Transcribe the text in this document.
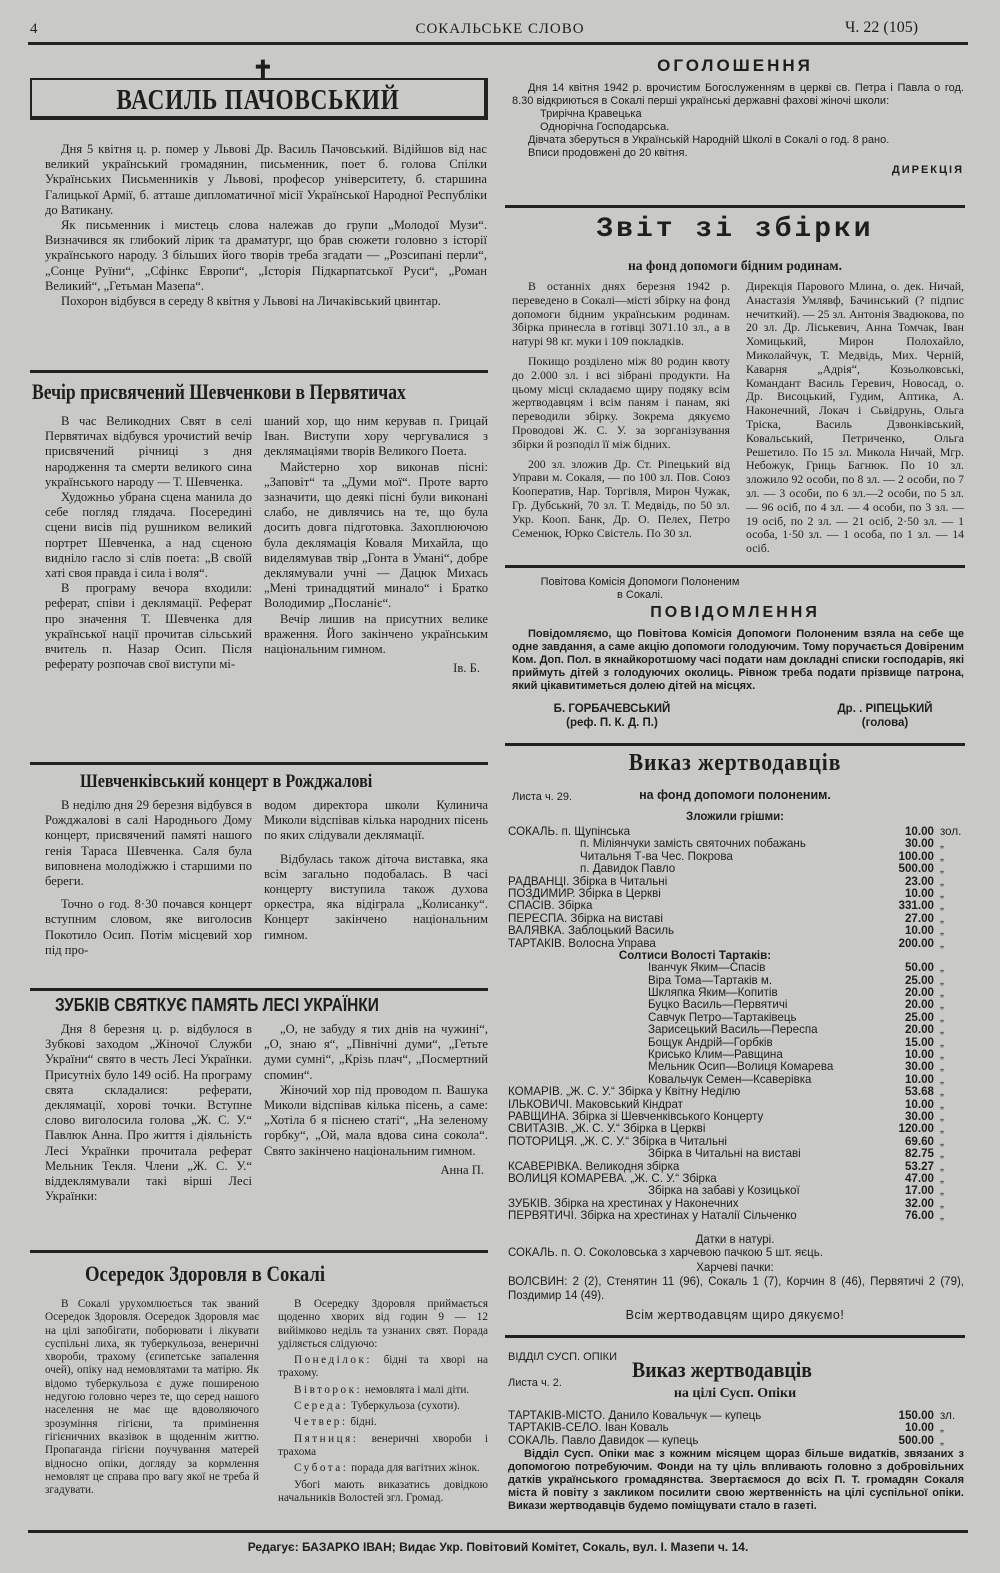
4	СОКАЛЬСЬКЕ СЛОВО	Ч. 22 (105)
ВАСИЛЬ ПАЧОВСЬКИЙ
✝

Дня 5 квітня ц. р. помер у Львові Др. Василь Пачовський. Відійшов від нас великий український громадянин, письменник, поет б. голова Спілки Українських Письменників у Львові, професор університету, б. старшина Галицької Армії, б. атташе дипломатичної місії Української Народної Республіки до Ватикану.

Як письменник і мистець слова належав до групи „Молодої Музи“. Визначився як глибокий лірик та драматург, що брав сюжети головно з історії українського народу. З більших його творів треба згадати — „Розсипані перли“, „Сонце Руїни“, „Сфінкс Европи“, „Історія Підкарпатської Руси“, „Роман Великий“, „Гетьман Мазепа“.

Похорон відбувся в середу 8 квітня у Львові на Личаківський цвинтар.

Вечір присвячений Шевченкови в Первятичах

В час Великодних Свят в селі Первятичах відбувся урочистий вечір присвячений річниці з дня народження та смерти великого сина українського народу — Т. Шевченка.

Художньо убрана сцена манила до себе погляд глядача. Посередині сцени висів під рушником великий портрет Шевченка, а над сценою видніло гасло зі слів поета: „В своїй хаті своя правда і сила і воля“.

В програму вечора входили: реферат, співи і деклямації. Реферат про значення Т. Шевченка для української нації прочитав сільський вчитель п. Назар Осип. Після реферату розпочав свої виступи мі-

шаний хор, що ним керував п. Грицай Іван. Виступи хору чергувалися з деклямаціями творів Великого Поета.

Майстерно хор виконав пісні: „Заповіт“ та „Думи мої“. Проте варто зазначити, що деякі пісні були виконані слабо, не дивлячись на те, що була досить довга підготовка. Захоплюючою була деклямація Коваля Михайла, що виделямував твір „Гонта в Умані“, добре деклямували учні — Дацюк Михась „Мені тринадцятий минало“ і Братко Володимир „Посланіє“.

Вечір лишив на присутних велике враження. Його закінчено українським національним гимном.

Ів. Б.
Шевченківський концерт в Рожджалові

В неділю дня 29 березня відбувся в Рожджалові в салі Народнього Дому концерт, присвячений памяті нашого генія Тараса Шевченка. Саля була виповнена молодіжжю і старшими по береги.

Точно о год. 8·30 почався концерт вступним словом, яке виголосив Покотило Осип. Потім місцевий хор під про-

водом директора школи Кулинича Миколи відспівав кілька народних пісень по яких слідували деклямації.

Відбулась також діточа виставка, яка всім загально подобалась. В часі концерту виступила також духова оркестра, яка відіграла „Колисанку“. Концерт закінчено національним гимном.

ЗУБКІВ СВЯТКУЄ ПАМЯТЬ ЛЕСІ УКРАЇНКИ

Дня 8 березня ц. р. відбулося в Зубкові заходом „Жіночої Служби України“ свято в честь Лесі Українки. Присутніх було 149 осіб. На програму свята складалися: реферати, деклямації, хорові точки. Вступне слово виголосила голова „Ж. С. У.“ Павлюк Анна. Про життя і діяльність Лесі Українки прочитала реферат Мельник Текля. Члени „Ж. С. У.“ віддеклямували такі вірші Лесі Українки:

„О, не забуду я тих днів на чужині“, „О, знаю я“, „Північні думи“, „Гетьте думи сумні“, „Крізь плач“, „Посмертний спомин“.

Жіночий хор під проводом п. Вашука Миколи відспівав кілька пісень, а саме: „Хотіла б я піснею статі“, „На зеленому горбку“, „Ой, мала вдова сина сокола“. Свято закінчено національним гимном.

Анна П.
Осередок Здоровля в Сокалі

В Сокалі урухомлюється так званий Осередок Здоровля. Осередок Здоровля має на цілі запобігати, поборювати і лікувати суспільні лиха, як туберкульоза, венеричні хвороби, трахому (єгипетське запалення очей), опіку над немовлятами та матірю. Як відомо туберкульоза є дуже поширеною недугою головно через те, що серед нашого населення не має ще вдоволяючого зрозуміння гігієни, та примінення гігієничних вказівок в щоденнім життю. Пропаганда гігієни поучування матерей відносно опіки, догляду за кормлення немовлят це справа про вагу якої не треба й згадувати.

В Осередку Здоровля приймається щоденно хворих від годин 9 — 12 вийімково неділь та узнаних свят. Порада уділяється слідуючо:

Понеділок: бідні та хворі на трахому.

Вівторок: немовлята і малі діти.

Середа: Туберкульоза (сухоти).

Четвер: бідні.

Пятниця: венеричні хвороби і трахома

Субота: порада для вагітних жінок.

Убогі мають виказатись довідкою начальників Волостей згл. Громад.

ОГОЛОШЕННЯ

Дня 14 квітня 1942 р. врочистим Богослуженням в церкві св. Петра і Павла о год. 8.30 відкриються в Сокалі перші українські державні фахові жіночі школи:

Трирічна Кравецька
Однорічна Господарська.

Дівчата зберуться в Українській Народній Школі в Сокалі о год. 8 рано.

Вписи продовжені до 20 квітня.

ДИРЕКЦІЯ
Звіт зі збірки
на фонд допомоги бідним родинам.

В останніх днях березня 1942 р. переведено в Сокалі—місті збірку на фонд допомоги бідним українським родинам. Збірка принесла в готівці 3071.10 зл., а в натурі 98 кг. муки і 109 покладків.

Покищо розділено між 80 родин квоту до 2.000 зл. і всі зібрані продукти. На цьому місці складаємо щиру подяку всім жертводавцям і всім паням і панам, які переводили збірку. Зокрема дякуємо Проводові Ж. С. У. за зорганізування збірки й розподіл її між бідних.

200 зл. зложив Др. Ст. Ріпецький від Управи м. Сокаля, — по 100 зл. Пов. Союз Кооператив, Нар. Торгівля, Мирон Чужак, Гр. Дубський, 70 зл. Т. Медвідь, по 50 зл. Укр. Кооп. Банк, Др. О. Пелех, Петро Семенюк, Юрко Свістель. По 30 зл.

Дирекція Парового Млина, о. дек. Ничай, Анастазія Умлявф, Бачинський (? підпис нечиткий). — 25 зл. Антонія Звадюкова, по 20 зл. Др. Ліськевич, Анна Томчак, Іван Хомицький, Мирон Полохайло, Миколайчук, Т. Медвідь, Мих. Черній, Каварня „Адрія“, Козьолковські, Командант Василь Геревич, Новосад, о. Др. Висоцький, Гудим, Аптика, А. Наконечний, Локач і Сьвідрунь, Ольга Тріска, Василь Дзвонківський, Ковальський, Петриченко, Ольга Решетило. По 15 зл. Микола Ничай, Мгр. Небожук, Гриць Багнюк. По 10 зл. зложило 92 особи, по 8 зл. — 2 особи, по 7 зл. — 3 особи, по 6 зл.—2 особи, по 5 зл. — 96 осіб, по 4 зл. — 4 особи, по 3 зл. — 19 осіб, по 2 зл. — 21 осіб, 2·50 зл. — 1 особа, 1·50 зл. — 1 особа, по 1 зл. — 14 осіб.

Повітова Комісія Допомоги Полоненим
в Сокалі.
ПОВІДОМЛЕННЯ

Повідомляємо, що Повітова Комісія Допомоги Полоненим взяла на себе ще одне завдання, а саме акцію допомоги голодуючим. Тому поручається Довіреним Ком. Доп. Пол. в якнайкоротшому часі подати нам докладні списки господарів, які приймуть дітей з голодуючих околиць. Рівнож треба подати прізвище патрона, який цікавитиметься долею дітей на місцях.

Б. ГОРБАЧЕВСЬКИЙ
(реф. П. К. Д. П.)
Др. . РІПЕЦЬКИЙ
(голова)
Виказ жертводавців
Листа ч. 29.	на фонд допомоги полоненим.
Зложили грішми:
СОКАЛЬ. п. Щупінська	10.00 зол.
п. Міліянчуки замість святочних побажань	30.00 „
Читальня Т-ва Чес. Покрова	100.00 „
п. Давидок Павло	500.00 „
РАДВАНЦІ. Збірка в Читальні	23.00 „
ПОЗДИМИР. Збірка в Церкві	10.00 „
СПАСІВ. Збірка	331.00 „
ПЕРЕСПА. Збірка на виставі	27.00 „
ВАЛЯВКА. Заблоцький Василь	10.00 „
ТАРТАКІВ. Волосна Управа	200.00 „
Солтиси Волості Тартаків:
Іванчук Яким—Спасів	50.00 „
Віра Тома—Тартаків м.	25.00 „
Шкляпка Яким—Копитів	20.00 „
Буцко Василь—Первятичі	20.00 „
Савчук Петро—Тартаківець	25.00 „
Зарисецький Василь—Переспа	20.00 „
Бощук Андрій—Горбків	15.00 „
Крисько Клим—Равщина	10.00 „
Мельник Осип—Волиця Комарева	30.00 „
Ковальчук Семен—Ксаверівка	10.00 „
КОМАРІВ. „Ж. С. У.“ Збірка у Квітну Неділю	53.68 „
ІЛЬКОВИЧІ. Маковський Кіндрат	10.00 „
РАВЩИНА. Збірка зі Шевченківського Концерту	30.00 „
СВИТАЗІВ. „Ж. С. У.“ Збірка в Церкві	120.00 „
ПОТОРИЦЯ. „Ж. С. У.“ Збірка в Читальні	69.60 „
Збірка в Читальні на виставі	82.75 „
КСАВЕРІВКА. Великодня збірка	53.27 „
ВОЛИЦЯ КОМАРЕВА. „Ж. С. У.“ Збірка	47.00 „
Збірка на забаві у Козицької	17.00 „
ЗУБКІВ. Збірка на хрестинах у Наконечних	32.00 „
ПЕРВЯТИЧІ. Збірка на хрестинах у Наталії Сільченко	76.00 „
Датки в натурі.
СОКАЛЬ. п. О. Соколовська з харчевою пачкою 5 шт. яєць.
Харчеві пачки:
ВОЛСВИН: 2 (2), Стенятин 11 (96), Сокаль 1 (7), Корчин 8 (46), Первятичі 2 (79), Поздимир 14 (49).
Всім жертводавцям щиро дякуємо!
ВІДДІЛ СУСП. ОПІКИ Виказ жертводавців
Листа ч. 2.
на цілі Сусп. Опіки
ТАРТАКІВ-МІСТО. Данило Ковальчук — купець	150.00 зл.
ТАРТАКІВ-СЕЛО. Іван Коваль	10.00 „
СОКАЛЬ. Павло Давидок — купець	500.00 „

Відділ Сусп. Опіки має з кожним місяцем щораз більше видатків, звязаних з допомогою потребуючим. Фонди на ту ціль впливають головно з добровільних датків українського громадянства. Звертаємося до всіх П. Т. громадян Сокаля міста й повіту з закликом посилити свою жертвенність на цілі суспільної опіки. Викази жертводавців будемо поміщувати стало в газеті.

Редагує: БАЗАРКО ІВАН; Видає Укр. Повітовий Комітет, Сокаль, вул. І. Мазепи ч. 14.
